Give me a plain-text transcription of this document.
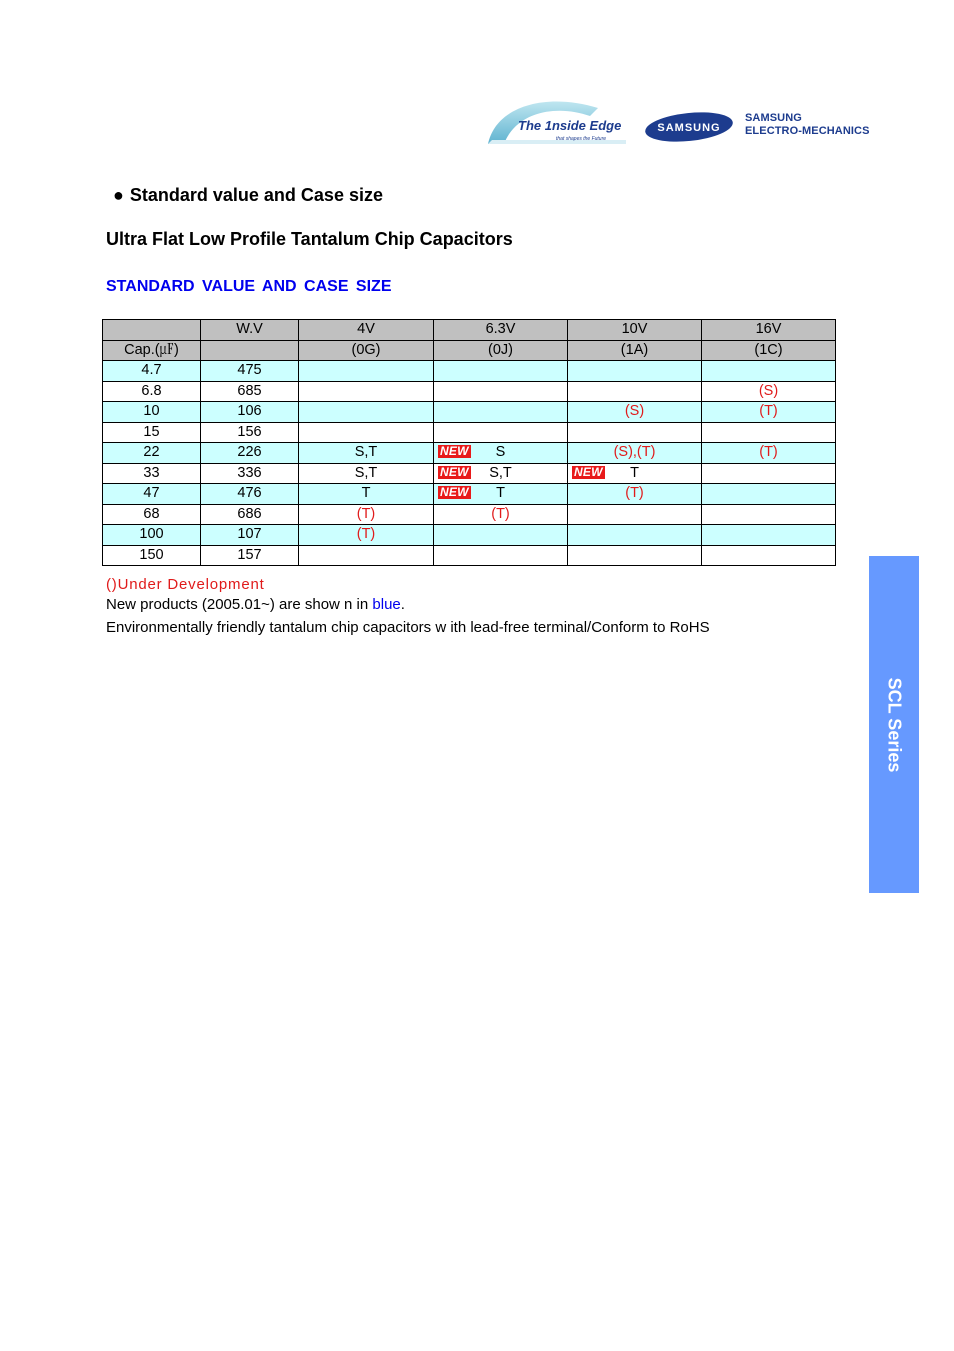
The 1nside Edge
that shapes the Future
SAMSUNG
SAMSUNG
ELECTRO-MECHANICS
● Standard value and Case size
Ultra Flat Low Profile Tantalum Chip Capacitors
STANDARD VALUE AND CASE SIZE
	W.V	4V	6.3V	10V	16V
Cap.(㎌)		(0G)	(0J)	(1A)	(1C)
4.7	475				
6.8	685				(S)
10	106			(S)	(T)
15	156				
22	226	S,T	NEW S	(S),(T)	(T)
33	336	S,T	NEW S,T	NEW T	
47	476	T	NEW T	(T)	
68	686	(T)	(T)		
100	107	(T)			
150	157				
()Under Development
New products (2005.01~) are show n in blue.
Environmentally friendly tantalum chip capacitors w ith lead-free terminal/Conform to RoHS
SCL Series
